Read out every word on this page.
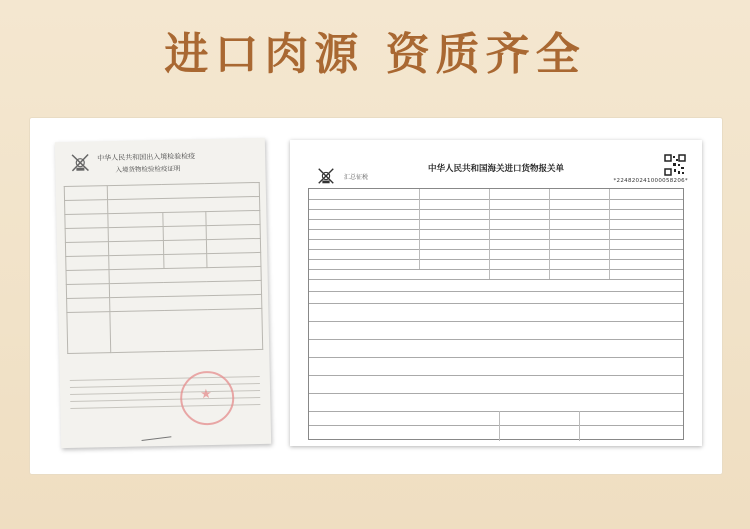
进口肉源 资质齐全
中华人民共和国出入境检验检疫
入境货物检验检疫证明

★
汇总征税
中华人民共和国海关进口货物报关单
*224820241000058206*
